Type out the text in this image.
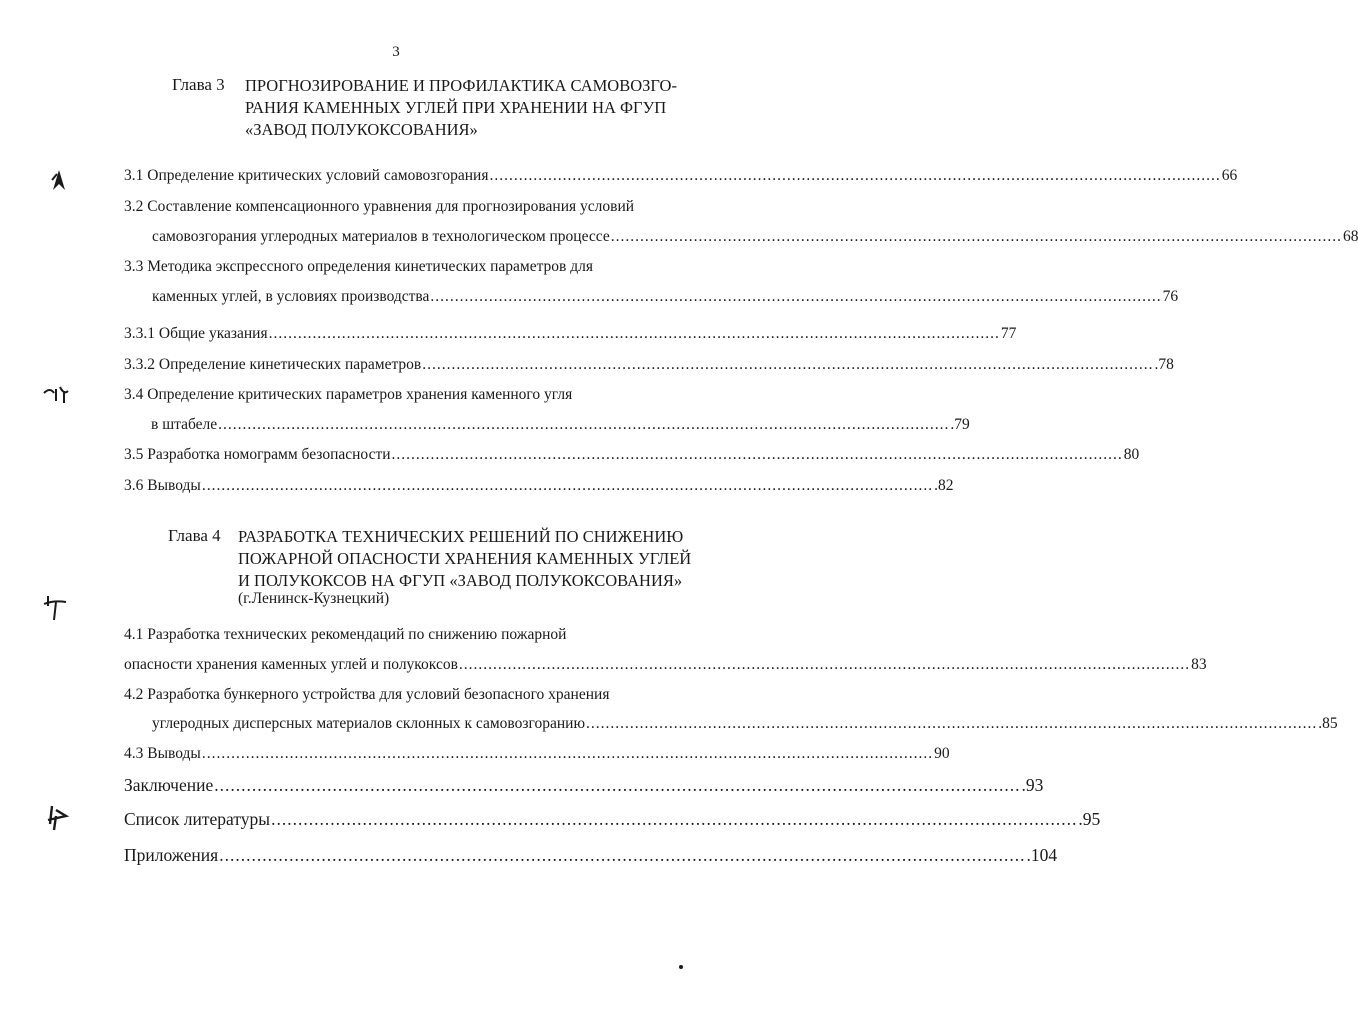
3
Глава 3 ПРОГНОЗИРОВАНИЕ И ПРОФИЛАКТИКА САМОВОЗГО-
РАНИЯ КАМЕННЫХ УГЛЕЙ ПРИ ХРАНЕНИИ НА ФГУП
«ЗАВОД ПОЛУКОКСОВАНИЯ»
3.1 Определение критических условий самовозгорания ...................................................................................................................................................... 66
3.2 Составление компенсационного уравнения для прогнозирования условий
самовозгорания углеродных материалов в технологическом процессе ...................................................................................................................................................... 68
3.3 Методика экспрессного определения кинетических параметров для
каменных углей, в условиях производства ...................................................................................................................................................... 76
3.3.1 Общие указания ...................................................................................................................................................... 77
3.3.2 Определение кинетических параметров ...................................................................................................................................................... .78
3.4 Определение критических параметров хранения каменного угля
в штабеле ...................................................................................................................................................... .79
3.5 Разработка номограмм безопасности ...................................................................................................................................................... 80
3.6 Выводы ...................................................................................................................................................... .82
Глава 4 РАЗРАБОТКА ТЕХНИЧЕСКИХ РЕШЕНИЙ ПО СНИЖЕНИЮ
ПОЖАРНОЙ ОПАСНОСТИ ХРАНЕНИЯ КАМЕННЫХ УГЛЕЙ
И ПОЛУКОКСОВ НА ФГУП «ЗАВОД ПОЛУКОКСОВАНИЯ»
(г.Ленинск-Кузнецкий)
4.1 Разработка технических рекомендаций по снижению пожарной
опасности хранения каменных углей и полукоксов ...................................................................................................................................................... 83
4.2 Разработка бункерного устройства для условий безопасного хранения
углеродных дисперсных материалов склонных к самовозгоранию ...................................................................................................................................................... .85
4.3 Выводы ...................................................................................................................................................... 90
Заключение ...................................................................................................................................................... .93
Список литературы ...................................................................................................................................................... .95
Приложения ...................................................................................................................................................... .104
